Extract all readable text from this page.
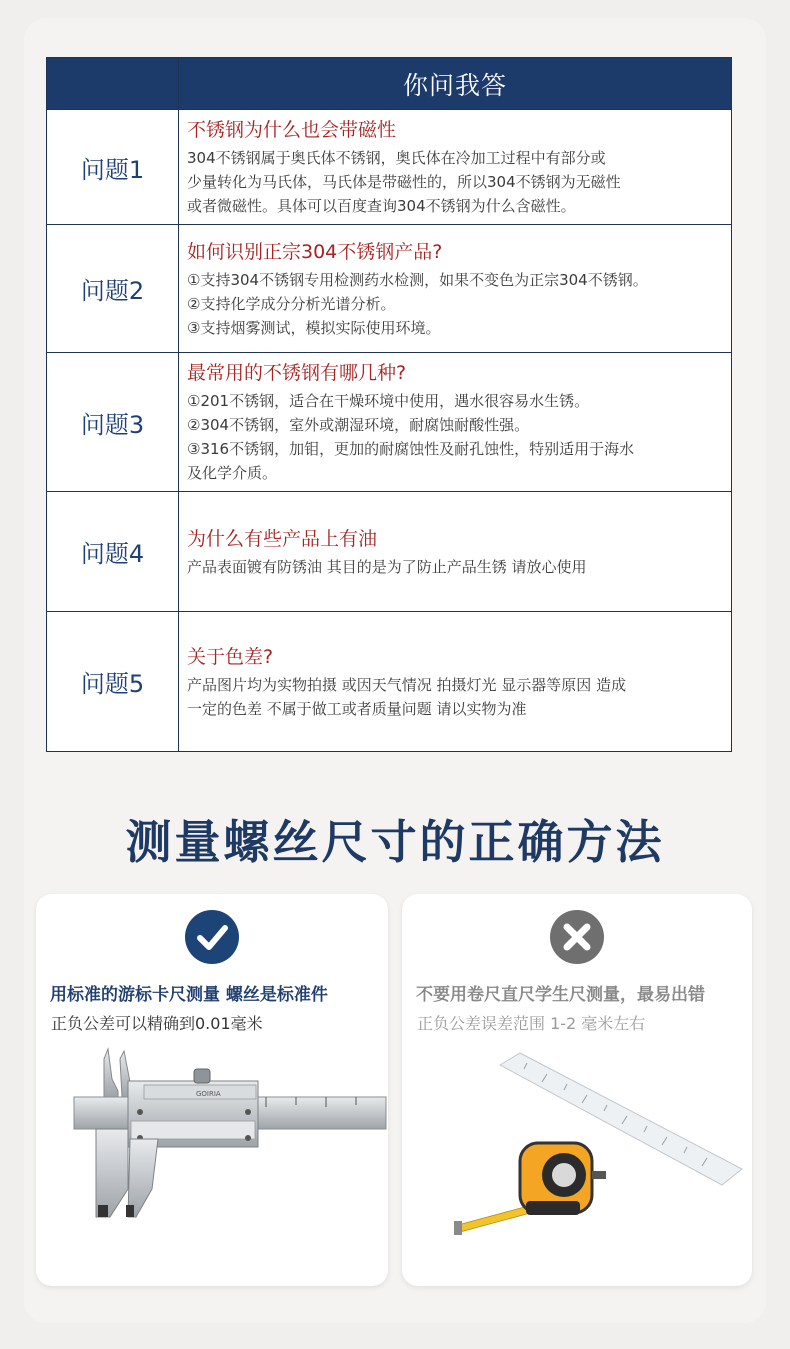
	你问我答
问题1	不锈钢为什么也会带磁性
304不锈钢属于奥氏体不锈钢，奥氏体在冷加工过程中有部分或
少量转化为马氏体，马氏体是带磁性的，所以304不锈钢为无磁性
或者微磁性。具体可以百度查询304不锈钢为什么含磁性。

问题2	如何识别正宗304不锈钢产品?
①支持304不锈钢专用检测药水检测，如果不变色为正宗304不锈钢。
②支持化学成分分析光谱分析。
③支持烟雾测试，模拟实际使用环境。

问题3	最常用的不锈钢有哪几种?
①201不锈钢，适合在干燥环境中使用，遇水很容易水生锈。
②304不锈钢，室外或潮湿环境，耐腐蚀耐酸性强。
③316不锈钢，加钼，更加的耐腐蚀性及耐孔蚀性，特别适用于海水
及化学介质。

问题4	为什么有些产品上有油
产品表面镀有防锈油 其目的是为了防止产品生锈 请放心使用

问题5	关于色差?
产品图片均为实物拍摄 或因天气情况 拍摄灯光 显示器等原因 造成
一定的色差 不属于做工或者质量问题 请以实物为准
测量螺丝尺寸的正确方法
用标准的游标卡尺测量 螺丝是标准件
正负公差可以精确到0.01毫米
GOIRIA
不要用卷尺直尺学生尺测量，最易出错
正负公差误差范围 1-2 毫米左右
